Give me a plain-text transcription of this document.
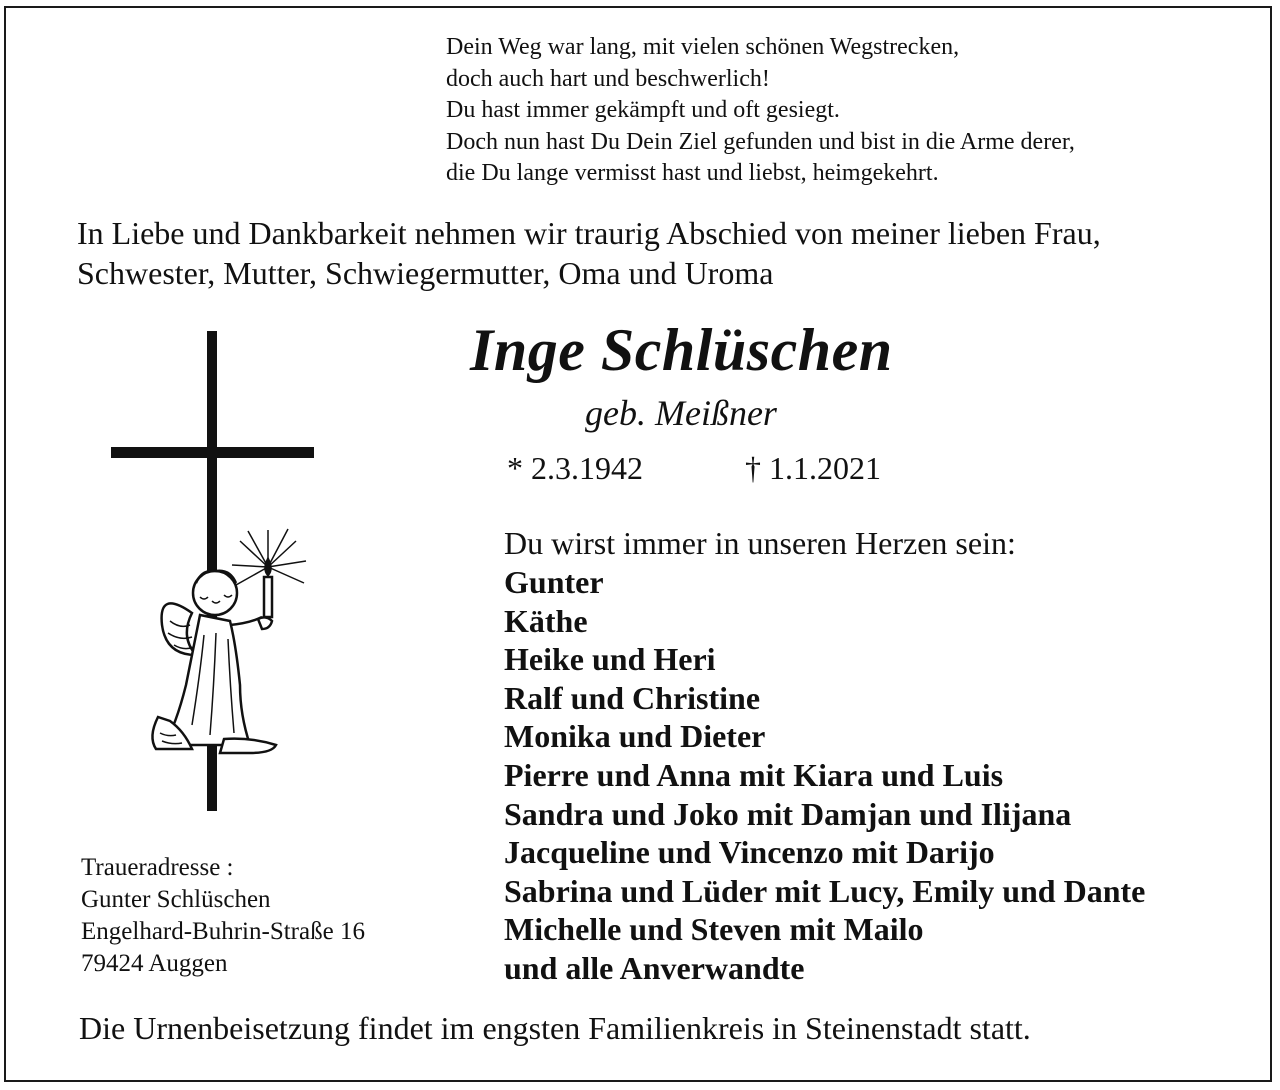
Dein Weg war lang, mit vielen schönen Wegstrecken,
doch auch hart und beschwerlich!
Du hast immer gekämpft und oft gesiegt.
Doch nun hast Du Dein Ziel gefunden und bist in die Arme derer,
die Du lange vermisst hast und liebst, heimgekehrt.
In Liebe und Dankbarkeit nehmen wir traurig Abschied von meiner lieben Frau,
Schwester, Mutter, Schwiegermutter, Oma und Uroma
Inge Schlüschen
geb. Meißner
* 2.3.1942	† 1.1.2021
Du wirst immer in unseren Herzen sein:
Gunter
Käthe
Heike und Heri
Ralf und Christine
Monika und Dieter
Pierre und Anna mit Kiara und Luis
Sandra und Joko mit Damjan und Ilijana
Jacqueline und Vincenzo mit Darijo
Sabrina und Lüder mit Lucy, Emily und Dante
Michelle und Steven mit Mailo
und alle Anverwandte
Traueradresse :
Gunter Schlüschen
Engelhard-Buhrin-Straße 16
79424 Auggen
Die Urnenbeisetzung findet im engsten Familienkreis in Steinenstadt statt.
